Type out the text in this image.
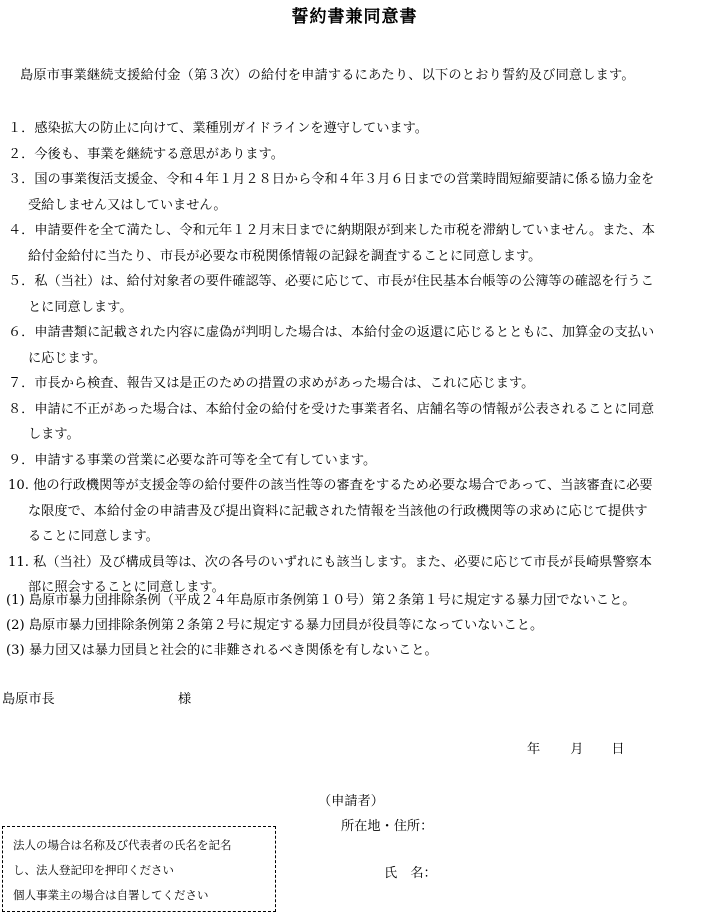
誓約書兼同意書
島原市事業継続支援給付金（第３次）の給付を申請するにあたり、以下のとおり誓約及び同意します。
１．感染拡大の防止に向けて、業種別ガイドラインを遵守しています。
２．今後も、事業を継続する意思があります。
３．国の事業復活支援金、令和４年１月２８日から令和４年３月６日までの営業時間短縮要請に係る協力金を
受給しません又はしていません。
４．申請要件を全て満たし、令和元年１２月末日までに納期限が到来した市税を滞納していません。また、本
給付金給付に当たり、市長が必要な市税関係情報の記録を調査することに同意します。
５．私（当社）は、給付対象者の要件確認等、必要に応じて、市長が住民基本台帳等の公簿等の確認を行うこ
とに同意します。
６．申請書類に記載された内容に虚偽が判明した場合は、本給付金の返還に応じるとともに、加算金の支払い
に応じます。
７．市長から検査、報告又は是正のための措置の求めがあった場合は、これに応じます。
８．申請に不正があった場合は、本給付金の給付を受けた事業者名、店舗名等の情報が公表されることに同意
します。
９．申請する事業の営業に必要な許可等を全て有しています。
10. 他の行政機関等が支援金等の給付要件の該当性等の審査をするため必要な場合であって、当該審査に必要
な限度で、本給付金の申請書及び提出資料に記載された情報を当該他の行政機関等の求めに応じて提供す
ることに同意します。
11. 私（当社）及び構成員等は、次の各号のいずれにも該当します。また、必要に応じて市長が長崎県警察本
部に照会することに同意します。
(1) 島原市暴力団排除条例（平成２４年島原市条例第１０号）第２条第１号に規定する暴力団でないこと。
(2) 島原市暴力団排除条例第２条第２号に規定する暴力団員が役員等になっていないこと。
(3) 暴力団又は暴力団員と社会的に非難されるべき関係を有しないこと。
島原市長	様
年 月 日
（申請者）
所在地・住所：
氏　名：
法人の場合は名称及び代表者の氏名を記名
し、法人登記印を押印ください
個人事業主の場合は自署してください
